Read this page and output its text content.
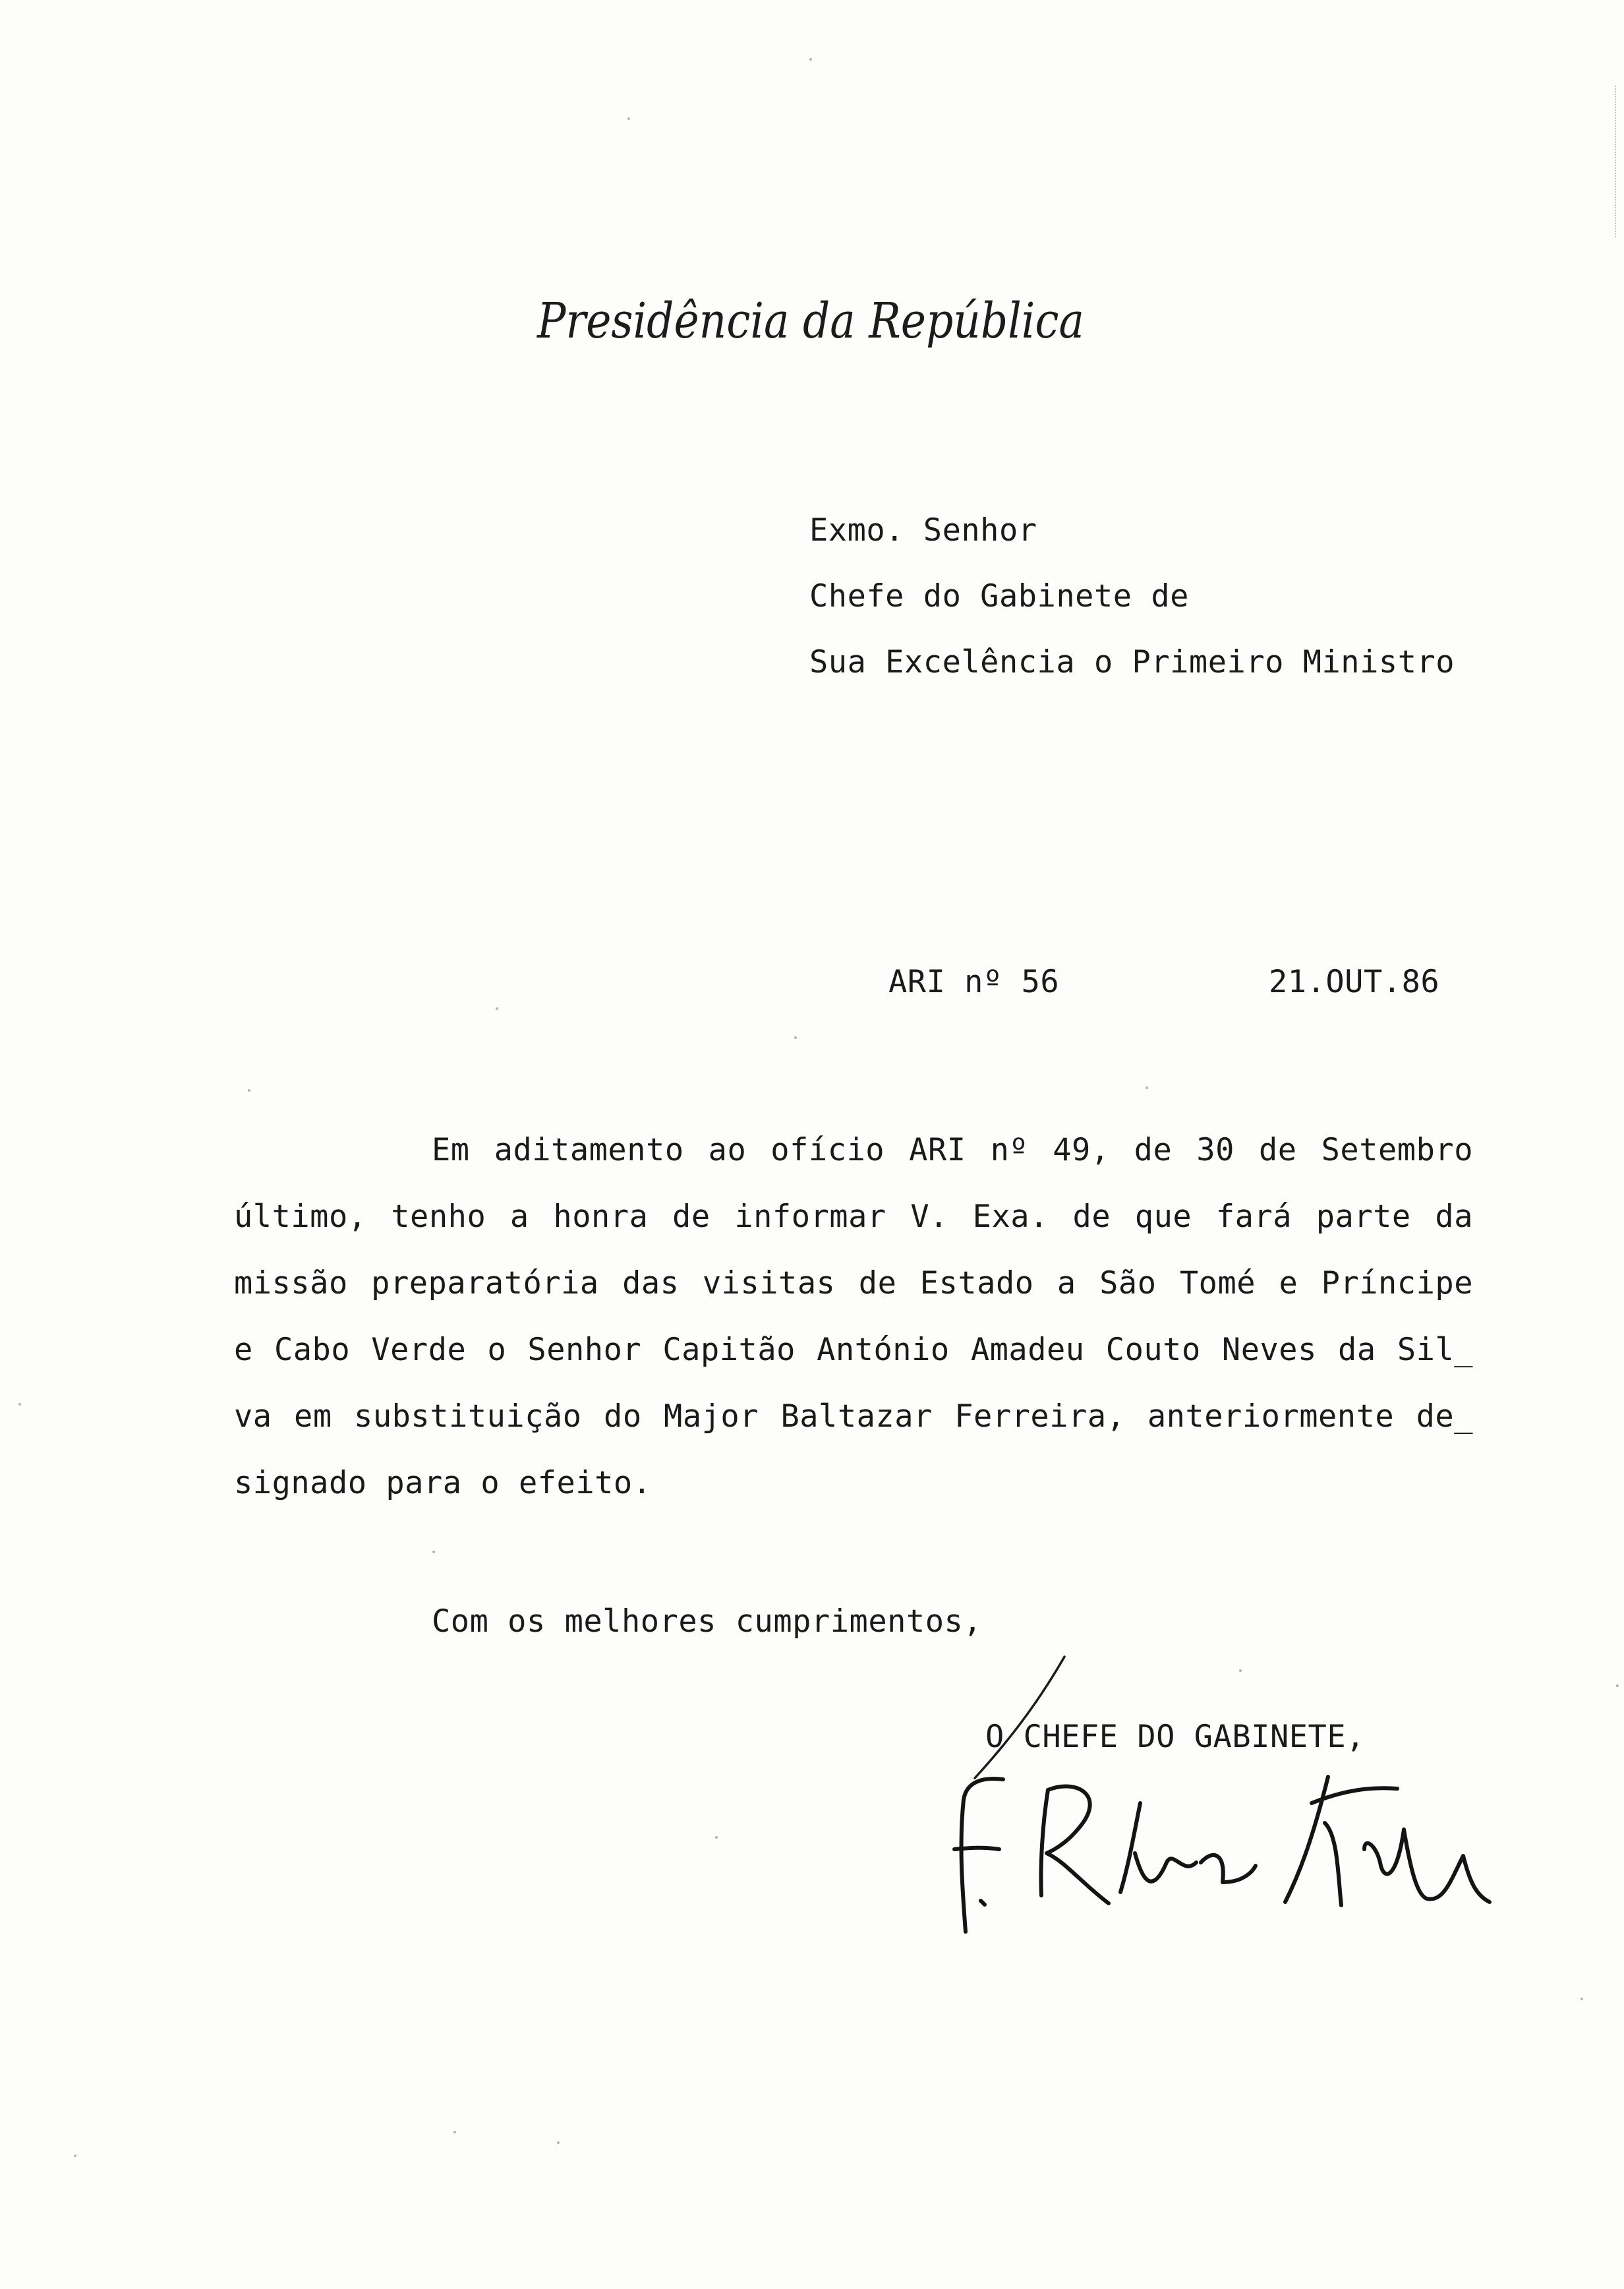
Presidência da República
Exmo. Senhor
Chefe do Gabinete de
Sua Excelência o Primeiro Ministro
ARI nº 56	21.OUT.86
Em aditamento ao ofício ARI nº 49, de 30 de Setembro
último, tenho a honra de informar V. Exa. de que fará parte da
missão preparatória das visitas de Estado a São Tomé e Príncipe
e Cabo Verde o Senhor Capitão António Amadeu Couto Neves da Sil_
va em substituição do Major Baltazar Ferreira, anteriormente de_
signado para o efeito.
Com os melhores cumprimentos,
O CHEFE DO GABINETE,
